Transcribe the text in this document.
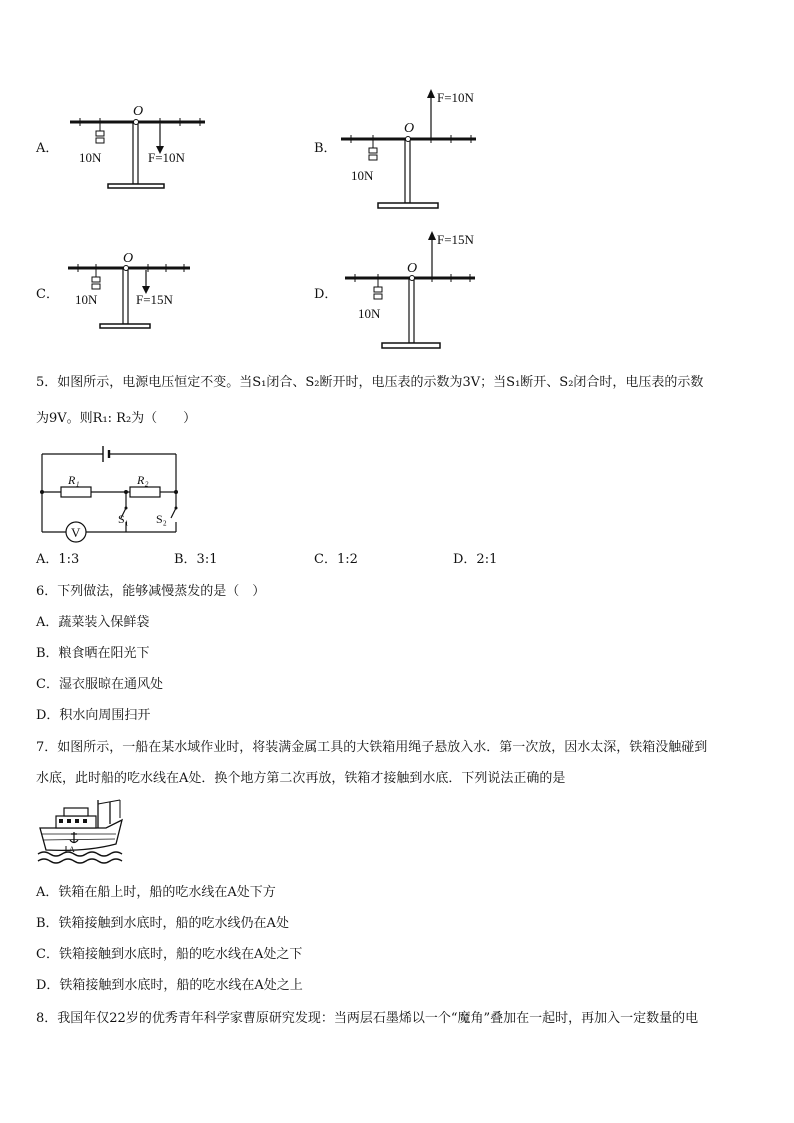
A．
O
10N	F=10N
B．
O
10N
F=10N
C．
O
10N	F=15N	D．
O
10N
F=15N
5．如图所示，电源电压恒定不变。当S₁闭合、S₂断开时，电压表的示数为3V；当S₁断开、S₂闭合时，电压表的示数
为9V。则R₁: R₂为（　　）
V
R₁	R₂
S₁ S₂
A．1:3	B．3:1	C．1:2	D．2:1
6．下列做法，能够减慢蒸发的是（　）
A．蔬菜装入保鲜袋
B．粮食晒在阳光下
C．湿衣服晾在通风处
D．积水向周围扫开
7．如图所示，一船在某水域作业时，将装满金属工具的大铁箱用绳子悬放入水．第一次放，因水太深，铁箱没触碰到
水底，此时船的吃水线在A处．换个地方第二次再放，铁箱才接触到水底．下列说法正确的是
A
A．铁箱在船上时，船的吃水线在A处下方
B．铁箱接触到水底时，船的吃水线仍在A处
C．铁箱接触到水底时，船的吃水线在A处之下
D．铁箱接触到水底时，船的吃水线在A处之上
8．我国年仅22岁的优秀青年科学家曹原研究发现：当两层石墨烯以一个“魔角”叠加在一起时，再加入一定数量的电
